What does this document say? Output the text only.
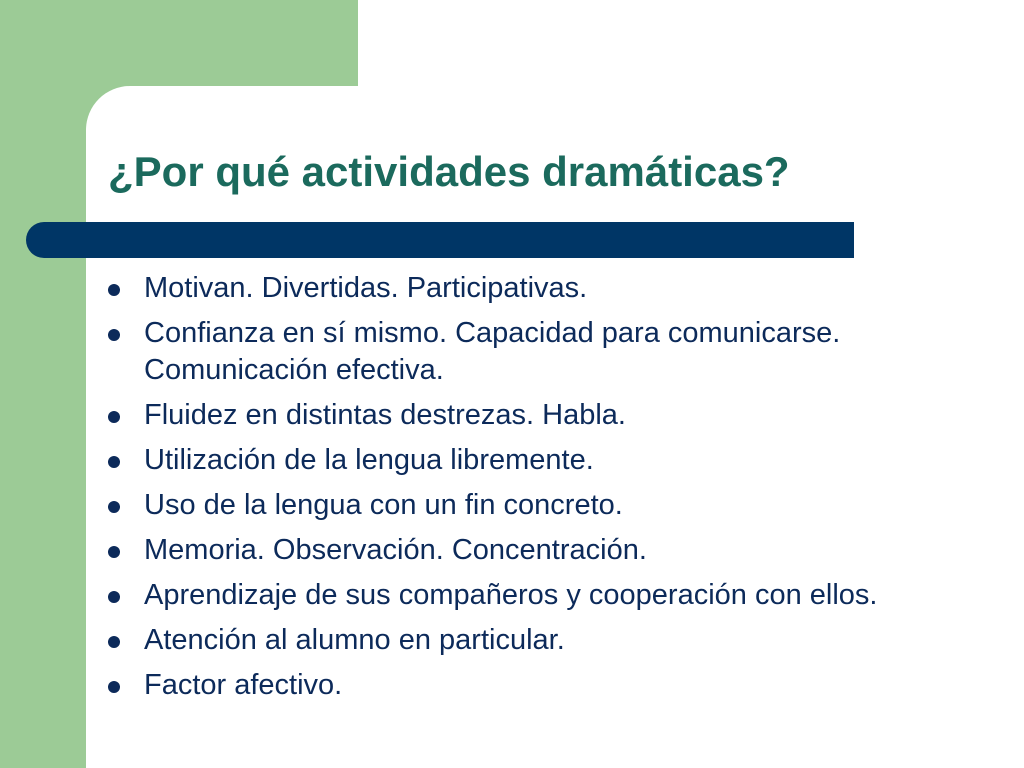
¿Por qué actividades dramáticas?
Motivan. Divertidas. Participativas.
Confianza en sí mismo. Capacidad para comunicarse. Comunicación efectiva.
Fluidez en distintas destrezas. Habla.
Utilización de la lengua libremente.
Uso de la lengua con un fin concreto.
Memoria. Observación. Concentración.
Aprendizaje de sus compañeros y cooperación con ellos.
Atención al alumno en particular.
Factor afectivo.
